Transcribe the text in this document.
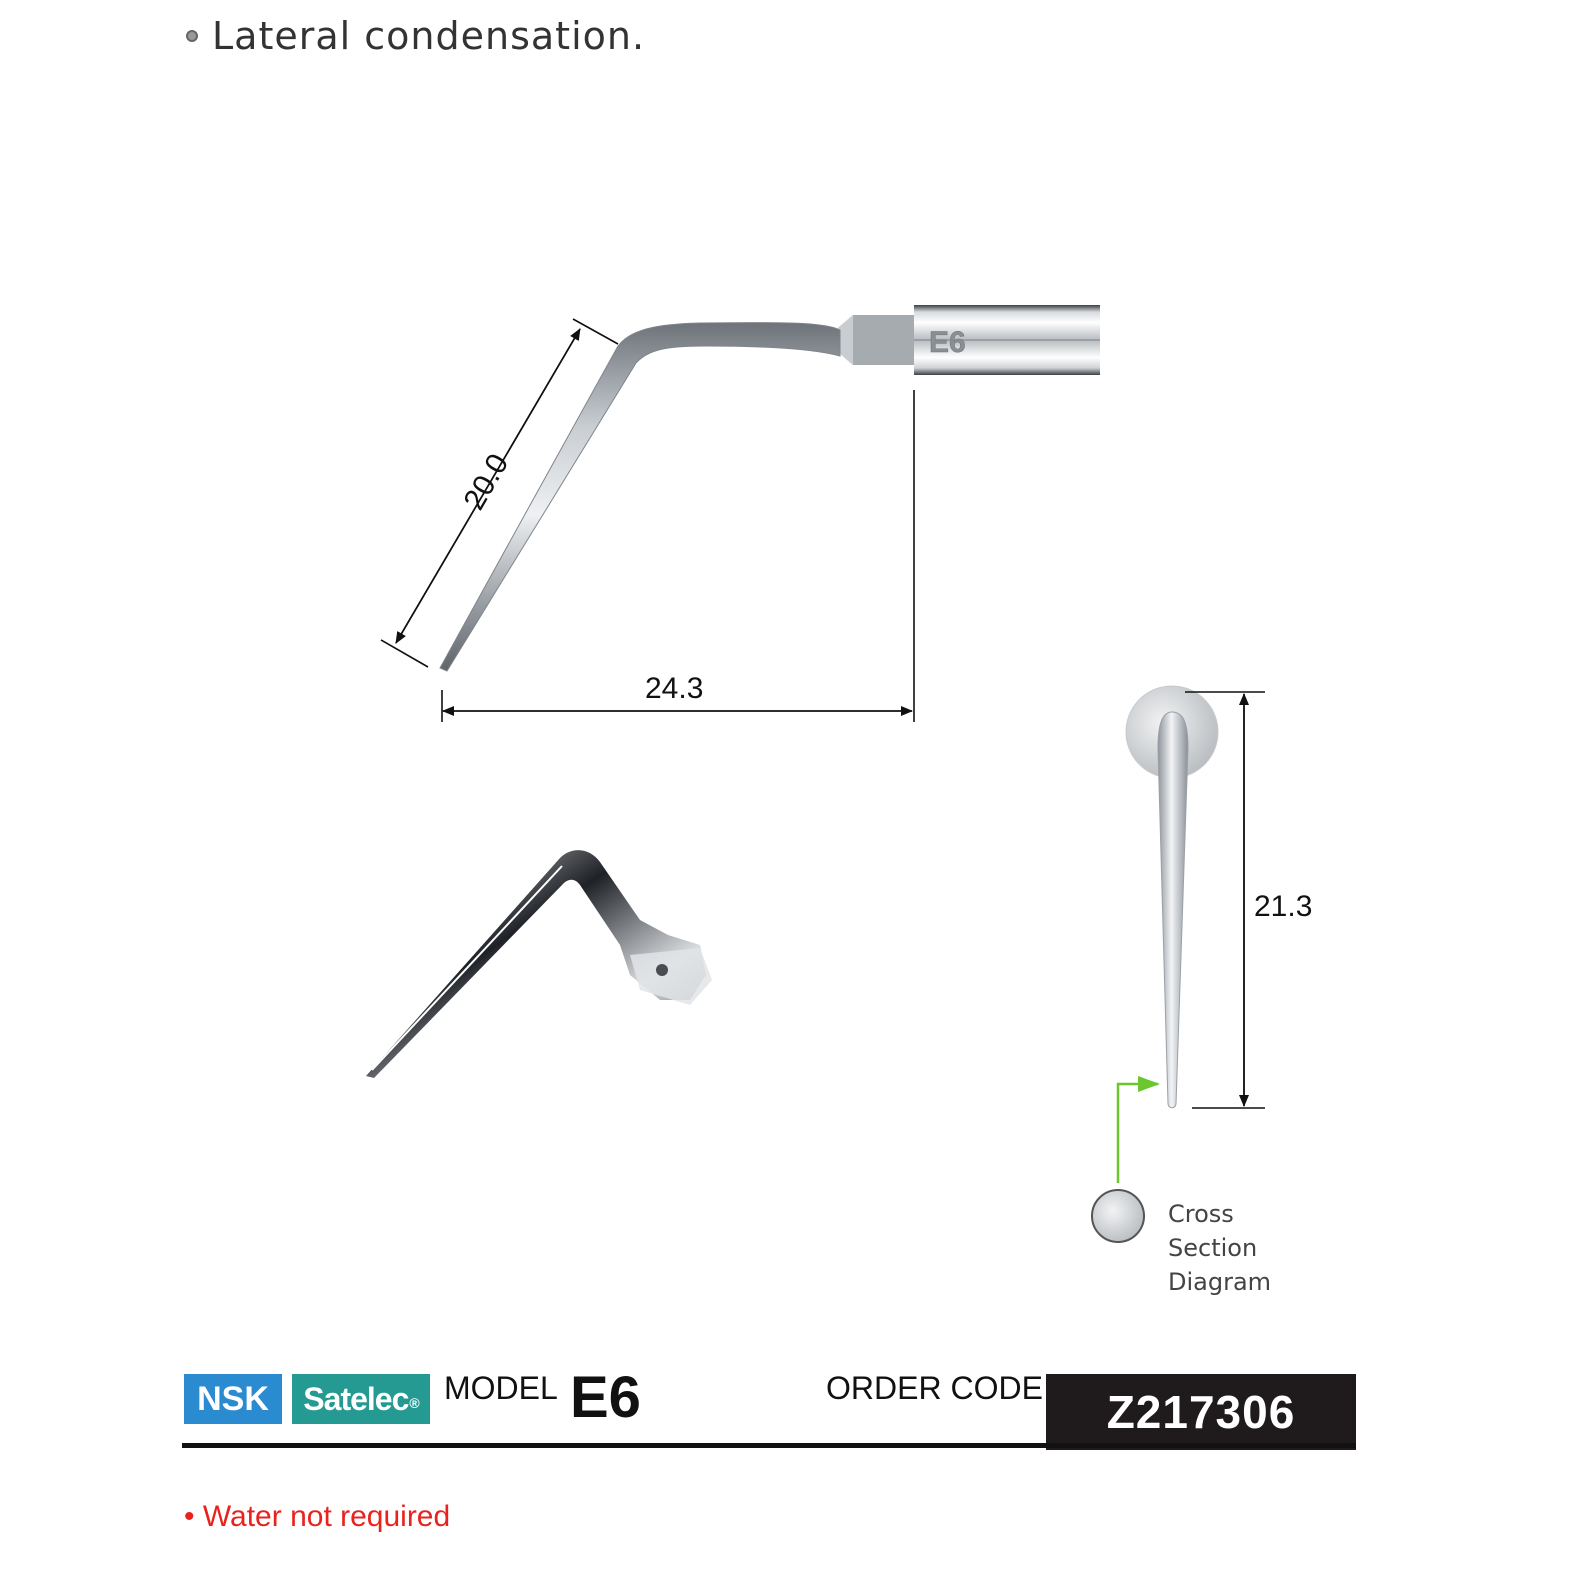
Lateral condensation.
E6
20.0
24.3
21.3
Cross
Section
Diagram
NSK Satelec® MODEL E6	ORDER CODE Z217306
• Water not required
